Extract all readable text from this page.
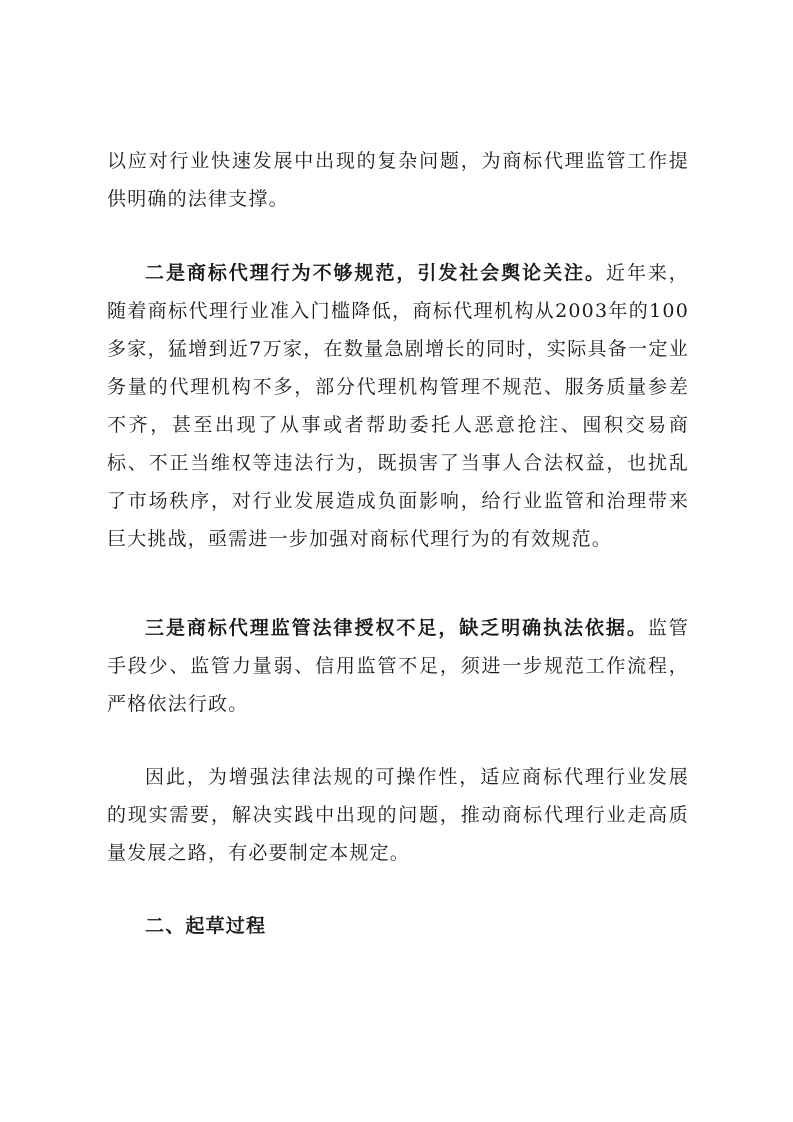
以应对行业快速发展中出现的复杂问题，为商标代理监管工作提供明确的法律支撑。

二是商标代理行为不够规范，引发社会舆论关注。近年来，随着商标代理行业准入门槛降低，商标代理机构从2003年的100多家，猛增到近7万家，在数量急剧增长的同时，实际具备一定业务量的代理机构不多，部分代理机构管理不规范、服务质量参差不齐，甚至出现了从事或者帮助委托人恶意抢注、囤积交易商标、不正当维权等违法行为，既损害了当事人合法权益，也扰乱了市场秩序，对行业发展造成负面影响，给行业监管和治理带来巨大挑战，亟需进一步加强对商标代理行为的有效规范。

三是商标代理监管法律授权不足，缺乏明确执法依据。监管手段少、监管力量弱、信用监管不足，须进一步规范工作流程，严格依法行政。

因此，为增强法律法规的可操作性，适应商标代理行业发展的现实需要，解决实践中出现的问题，推动商标代理行业走高质量发展之路，有必要制定本规定。

二、起草过程
